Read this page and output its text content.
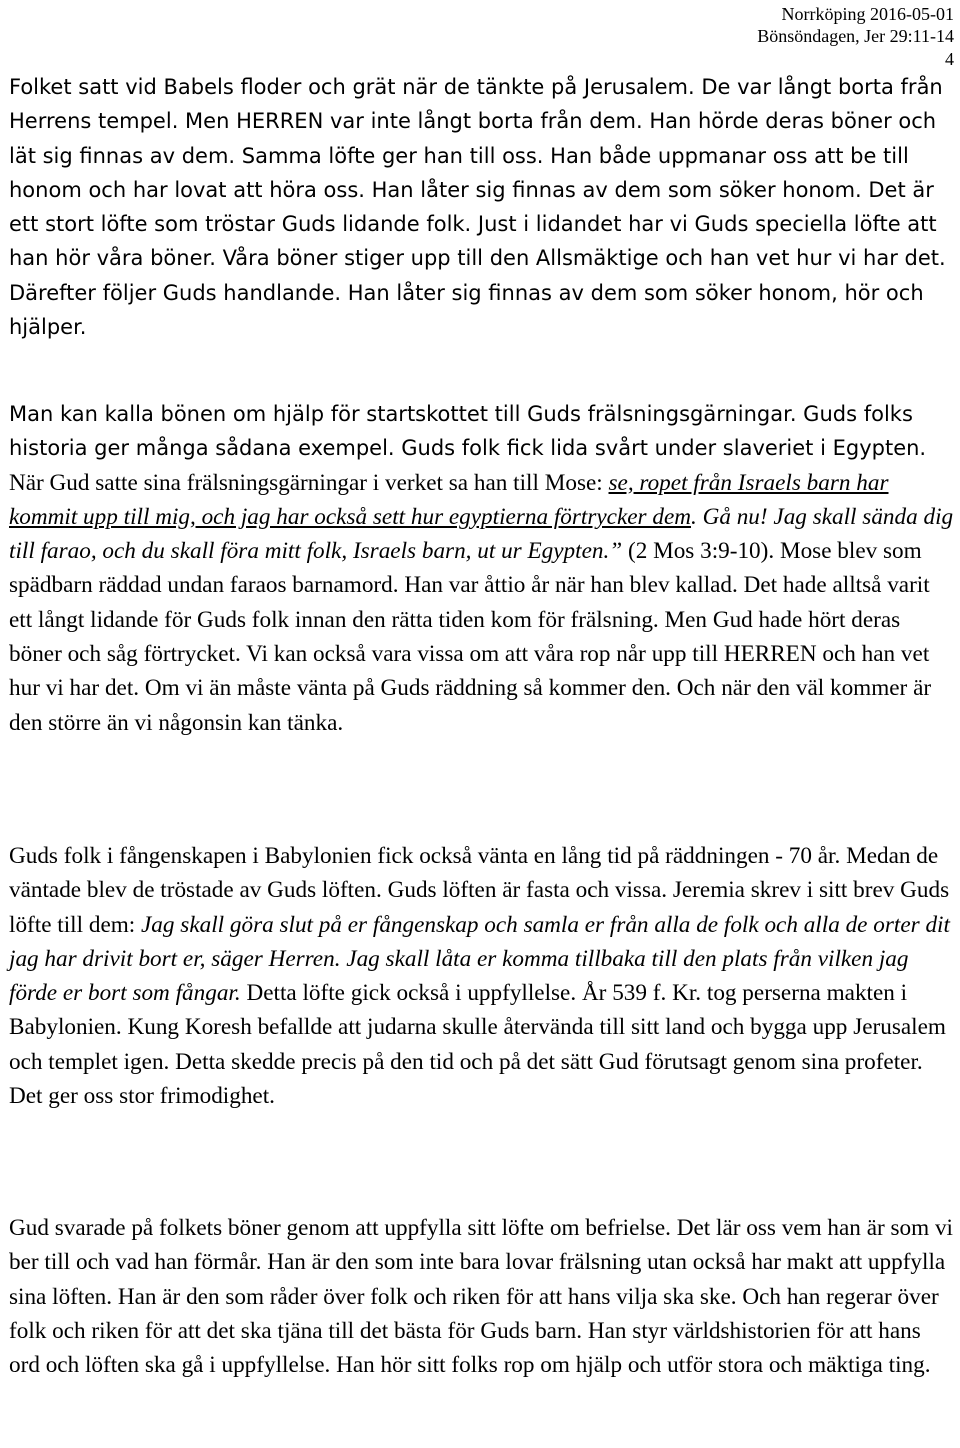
Norrköping 2016-05-01
Bönsöndagen, Jer 29:11-14
4

Folket satt vid Babels floder och grät när de tänkte på Jerusalem. De var långt borta från Herrens tempel. Men HERREN var inte långt borta från dem. Han hörde deras böner och lät sig finnas av dem. Samma löfte ger han till oss. Han både uppmanar oss att be till honom och har lovat att höra oss. Han låter sig finnas av dem som söker honom. Det är ett stort löfte som tröstar Guds lidande folk. Just i lidandet har vi Guds speciella löfte att han hör våra böner. Våra böner stiger upp till den Allsmäktige och han vet hur vi har det. Därefter följer Guds handlande. Han låter sig finnas av dem som söker honom, hör och hjälper.

Man kan kalla bönen om hjälp för startskottet till Guds frälsningsgärningar. Guds folks historia ger många sådana exempel. Guds folk fick lida svårt under slaveriet i Egypten. När Gud satte sina frälsningsgärningar i verket sa han till Mose: se, ropet från Israels barn har kommit upp till mig, och jag har också sett hur egyptierna förtrycker dem. Gå nu! Jag skall sända dig till farao, och du skall föra mitt folk, Israels barn, ut ur Egypten.” (2 Mos 3:9-10). Mose blev som spädbarn räddad undan faraos barnamord. Han var åttio år när han blev kallad. Det hade alltså varit ett långt lidande för Guds folk innan den rätta tiden kom för frälsning. Men Gud hade hört deras böner och såg förtrycket. Vi kan också vara vissa om att våra rop når upp till HERREN och han vet hur vi har det. Om vi än måste vänta på Guds räddning så kommer den. Och när den väl kommer är den större än vi någonsin kan tänka.

Guds folk i fångenskapen i Babylonien fick också vänta en lång tid på räddningen - 70 år. Medan de väntade blev de tröstade av Guds löften. Guds löften är fasta och vissa. Jeremia skrev i sitt brev Guds löfte till dem: Jag skall göra slut på er fångenskap och samla er från alla de folk och alla de orter dit jag har drivit bort er, säger Herren. Jag skall låta er komma tillbaka till den plats från vilken jag förde er bort som fångar. Detta löfte gick också i uppfyllelse. År 539 f. Kr. tog perserna makten i Babylonien. Kung Koresh befallde att judarna skulle återvända till sitt land och bygga upp Jerusalem och templet igen. Detta skedde precis på den tid och på det sätt Gud förutsagt genom sina profeter. Det ger oss stor frimodighet.

Gud svarade på folkets böner genom att uppfylla sitt löfte om befrielse. Det lär oss vem han är som vi ber till och vad han förmår. Han är den som inte bara lovar frälsning utan också har makt att uppfylla sina löften. Han är den som råder över folk och riken för att hans vilja ska ske. Och han regerar över folk och riken för att det ska tjäna till det bästa för Guds barn. Han styr världshistorien för att hans ord och löften ska gå i uppfyllelse. Han hör sitt folks rop om hjälp och utför stora och mäktiga ting.
